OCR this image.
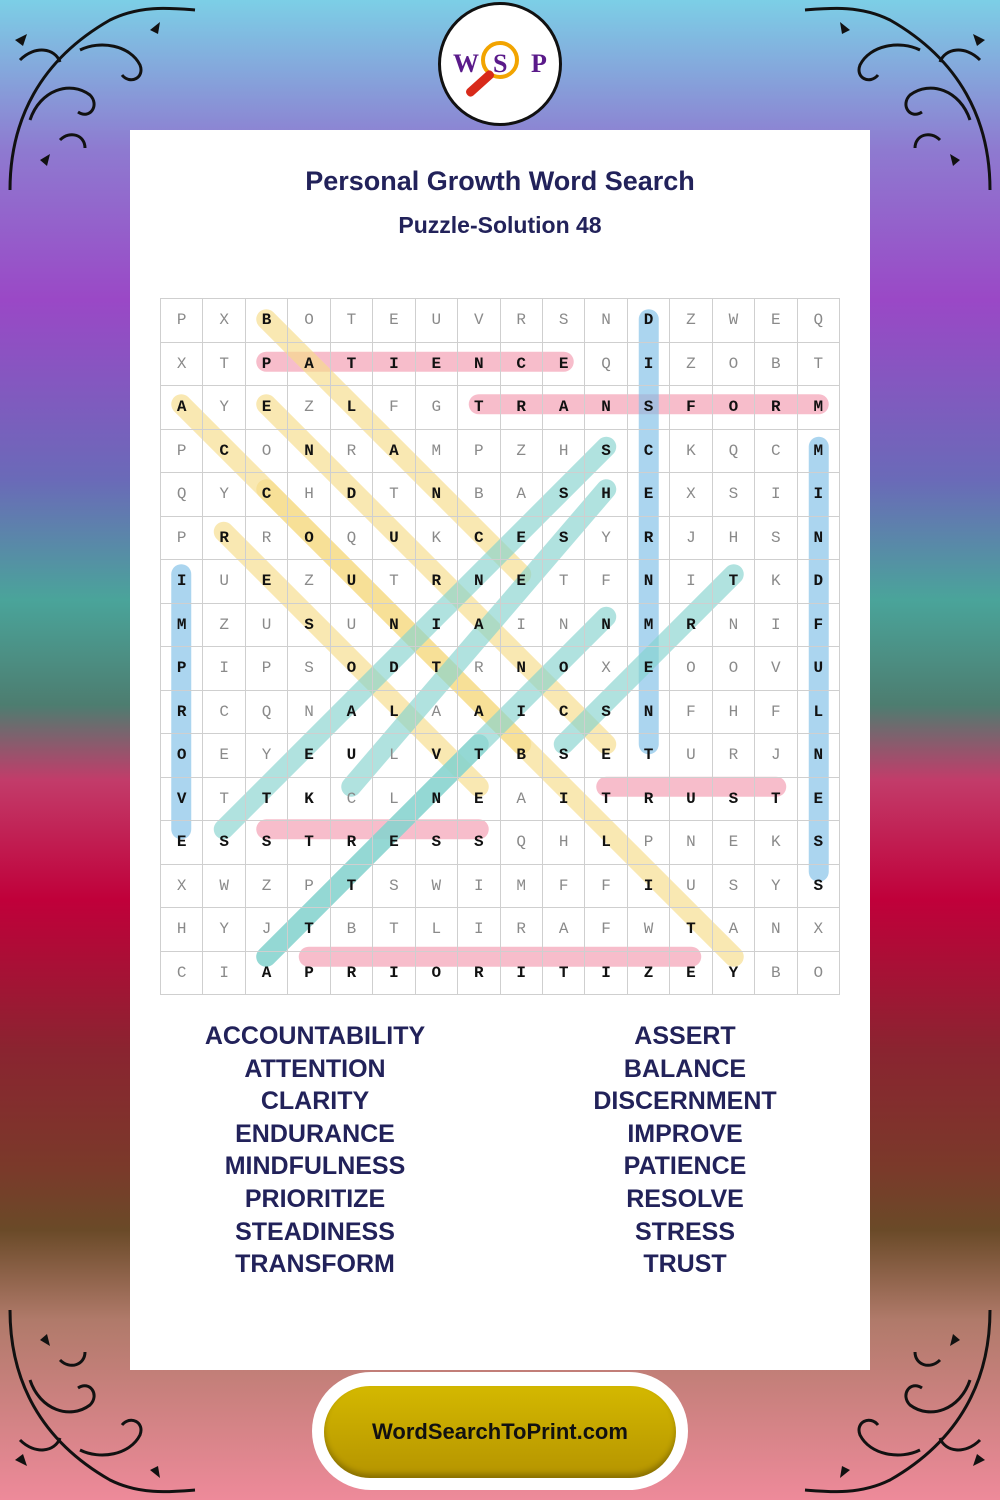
W S P
Personal Growth Word Search
Puzzle-Solution 48
P	X	B	O	T	E	U	V	R	S	N	D	Z	W	E	Q
X	T	P	A	T	I	E	N	C	E	Q	I	Z	O	B	T
A	Y	E	Z	L	F	G	T	R	A	N	S	F	O	R	M
P	C	O	N	R	A	M	P	Z	H	S	C	K	Q	C	M
Q	Y	C	H	D	T	N	B	A	S	H	E	X	S	I	I
P	R	R	O	Q	U	K	C	E	S	Y	R	J	H	S	N
I	U	E	Z	U	T	R	N	E	T	F	N	I	T	K	D
M	Z	U	S	U	N	I	A	I	N	N	M	R	N	I	F
P	I	P	S	O	D	T	R	N	O	X	E	O	O	V	U
R	C	Q	N	A	L	A	A	I	C	S	N	F	H	F	L
O	E	Y	E	U	L	V	T	B	S	E	T	U	R	J	N
V	T	T	K	C	L	N	E	A	I	T	R	U	S	T	E
E	S	S	T	R	E	S	S	Q	H	L	P	N	E	K	S
X	W	Z	P	T	S	W	I	M	F	F	I	U	S	Y	S
H	Y	J	T	B	T	L	I	R	A	F	W	T	A	N	X
C	I	A	P	R	I	O	R	I	T	I	Z	E	Y	B	O
ACCOUNTABILITY
ATTENTION
CLARITY
ENDURANCE
MINDFULNESS
PRIORITIZE
STEADINESS
TRANSFORM
ASSERT
BALANCE
DISCERNMENT
IMPROVE
PATIENCE
RESOLVE
STRESS
TRUST
WordSearchToPrint.com
